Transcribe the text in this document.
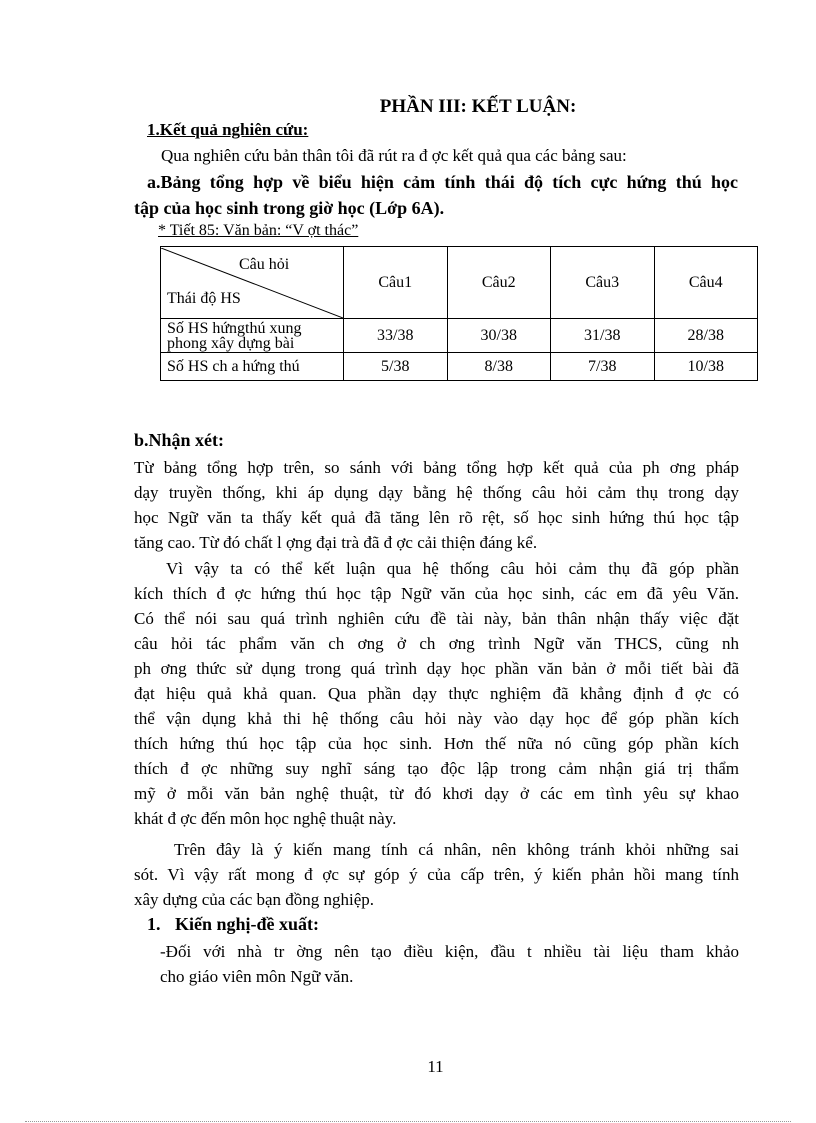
PHẦN III: KẾT LUẬN:
1.Kết quả nghiên cứu:
Qua nghiên cứu bản thân tôi đã rút ra đ ợc kết quả qua các bảng sau:
a.Bảng tổng hợp về biểu hiện cảm tính thái độ tích cực hứng thú học
tập của học sinh trong giờ học (Lớp 6A).
* Tiết 85: Văn bản: “V ợt thác”
Câu hỏi
Thái độ HS	Câu1	Câu2	Câu3	Câu4
Số HS hứngthú xung phong xây dựng bài	33/38	30/38	31/38	28/38
Số HS ch a hứng thú	5/38	8/38	7/38	10/38
b.Nhận xét:
Từ bảng tổng hợp trên, so sánh với bảng tổng hợp kết quả của ph ơng pháp
dạy truyền thống, khi áp dụng dạy bằng hệ thống câu hỏi cảm thụ trong dạy
học Ngữ văn ta thấy kết quả đã tăng lên rõ rệt, số học sinh hứng thú học tập
tăng cao. Từ đó chất l ợng đại trà đã đ ợc cải thiện đáng kể.
Vì vậy ta có thể kết luận qua hệ thống câu hỏi cảm thụ đã góp phần
kích thích đ ợc hứng thú học tập Ngữ văn của học sinh, các em đã yêu Văn.
Có thể nói sau quá trình nghiên cứu đề tài này, bản thân nhận thấy việc đặt
câu hỏi tác phẩm văn ch ơng ở ch ơng trình Ngữ văn THCS, cũng nh
ph ơng thức sử dụng trong quá trình dạy học phần văn bản ở mỗi tiết bài đã
đạt hiệu quả khả quan. Qua phần dạy thực nghiệm đã khẳng định đ ợc có
thể vận dụng khả thi hệ thống câu hỏi này vào dạy học để góp phần kích
thích hứng thú học tập của học sinh. Hơn thế nữa nó cũng góp phần kích
thích đ ợc những suy nghĩ sáng tạo độc lập trong cảm nhận giá trị thẩm
mỹ ở mỗi văn bản nghệ thuật, từ đó khơi dạy ở các em tình yêu sự khao
khát đ ợc đến môn học nghệ thuật này.
Trên đây là ý kiến mang tính cá nhân, nên không tránh khỏi những sai
sót. Vì vậy rất mong đ ợc sự góp ý của cấp trên, ý kiến phản hồi mang tính
xây dựng của các bạn đồng nghiệp.
1. Kiến nghị-đề xuất:
-Đối với nhà tr ờng nên tạo điều kiện, đầu t nhiều tài liệu tham khảo
cho giáo viên môn Ngữ văn.
11
